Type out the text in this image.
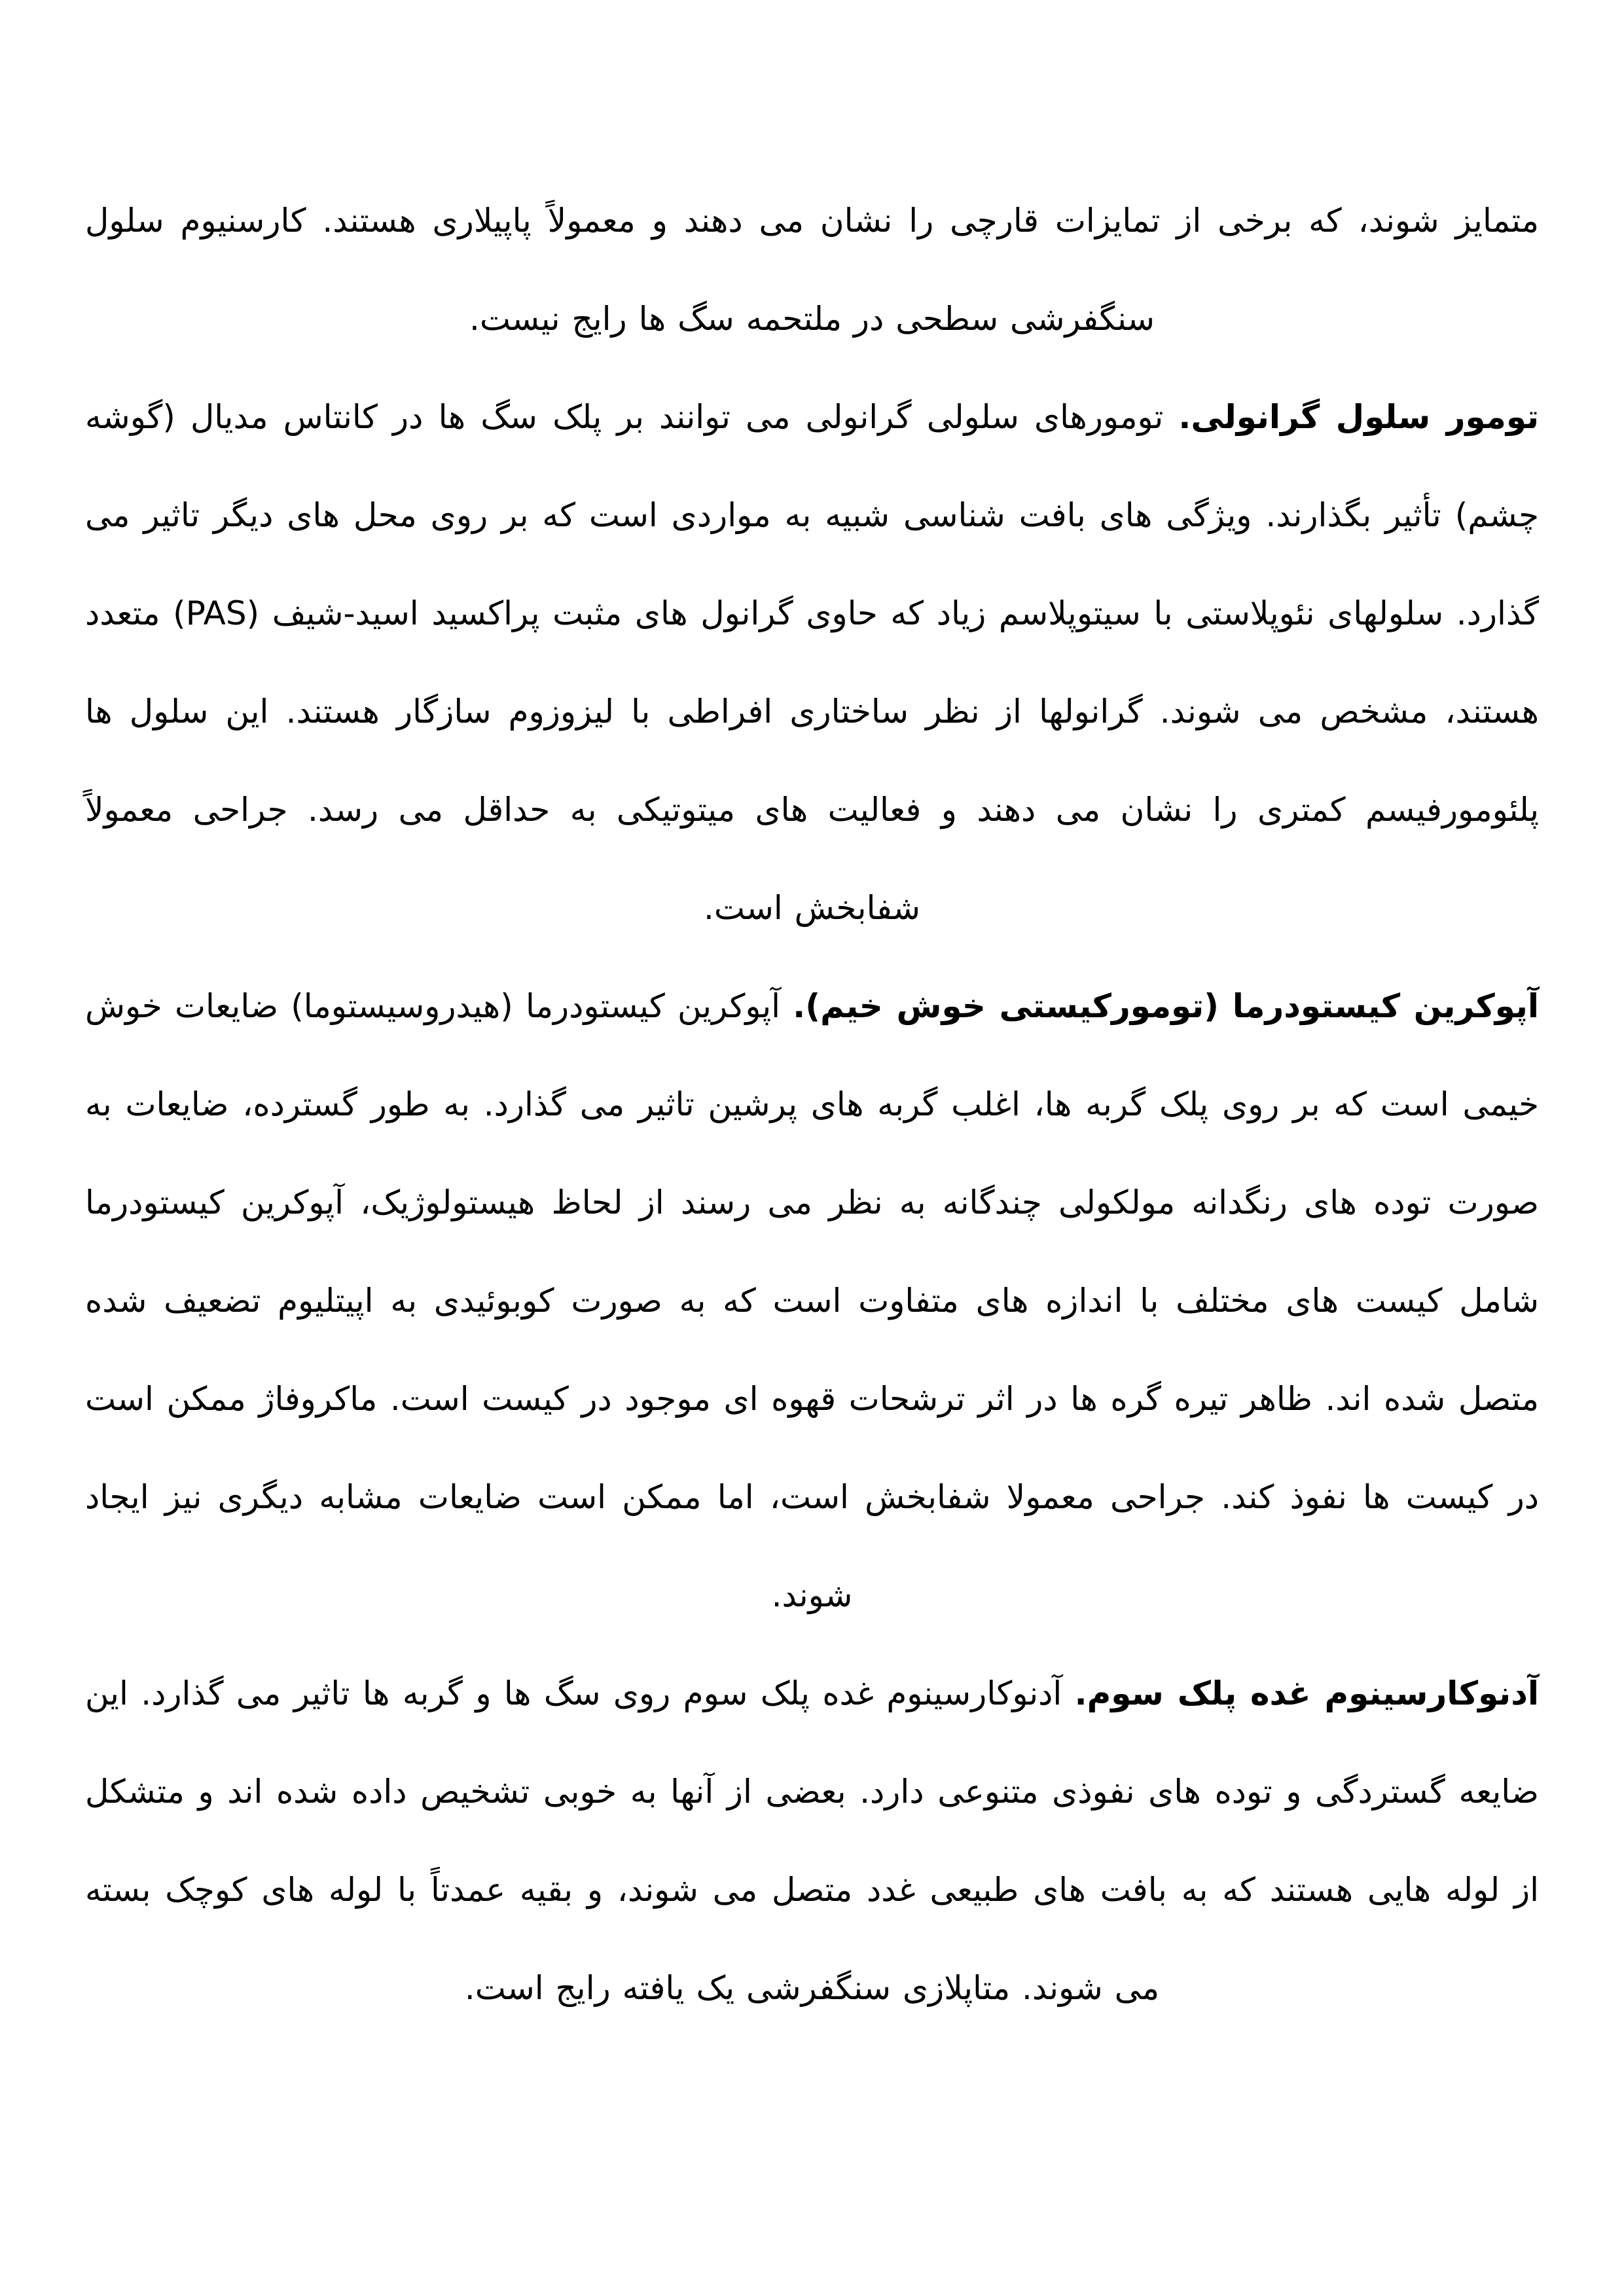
متمایز شوند، که برخی از تمایزات قارچی را نشان می دهند و معمولاً پاپیلاری هستند. کارسنیوم سلول سنگفرشی سطحی در ملتحمه سگ ها رایج نیست.

تومور سلول گرانولی. تومورهای سلولی گرانولی می توانند بر پلک سگ ها در کانتاس مدیال (گوشه چشم) تأثیر بگذارند. ویژگی های بافت شناسی شبیه به مواردی است که بر روی محل های دیگر تاثیر می گذارد. سلولهای نئوپلاستی با سیتوپلاسم زیاد که حاوی گرانول های مثبت پراکسید اسید-شیف (PAS) متعدد هستند، مشخص می شوند. گرانولها از نظر ساختاری افراطی با لیزوزوم سازگار هستند. این سلول ها پلئومورفیسم کمتری را نشان می دهند و فعالیت های میتوتیکی به حداقل می رسد. جراحی معمولاً شفابخش است.

آپوکرین کیستودرما (تومورکیستی خوش خیم). آپوکرین کیستودرما (هیدروسیستوما) ضایعات خوش خیمی است که بر روی پلک گربه ها، اغلب گربه های پرشین تاثیر می گذارد. به طور گسترده، ضایعات به صورت توده های رنگدانه مولکولی چندگانه به نظر می رسند از لحاظ هیستولوژیک، آپوکرین کیستودرما شامل کیست های مختلف با اندازه های متفاوت است که به صورت کوبوئیدی به اپیتلیوم تضعیف شده متصل شده اند. ظاهر تیره گره ها در اثر ترشحات قهوه ای موجود در کیست است. ماکروفاژ ممکن است در کیست ها نفوذ کند. جراحی معمولا شفابخش است، اما ممکن است ضایعات مشابه دیگری نیز ایجاد شوند.

آدنوکارسینوم غده پلک سوم. آدنوکارسینوم غده پلک سوم روی سگ ها و گربه ها تاثیر می گذارد. این ضایعه گستردگی و توده های نفوذی متنوعی دارد. بعضی از آنها به خوبی تشخیص داده شده اند و متشکل از لوله هایی هستند که به بافت های طبیعی غدد متصل می شوند، و بقیه عمدتاً با لوله های کوچک بسته می شوند. متاپلازی سنگفرشی یک یافته رایج است.
